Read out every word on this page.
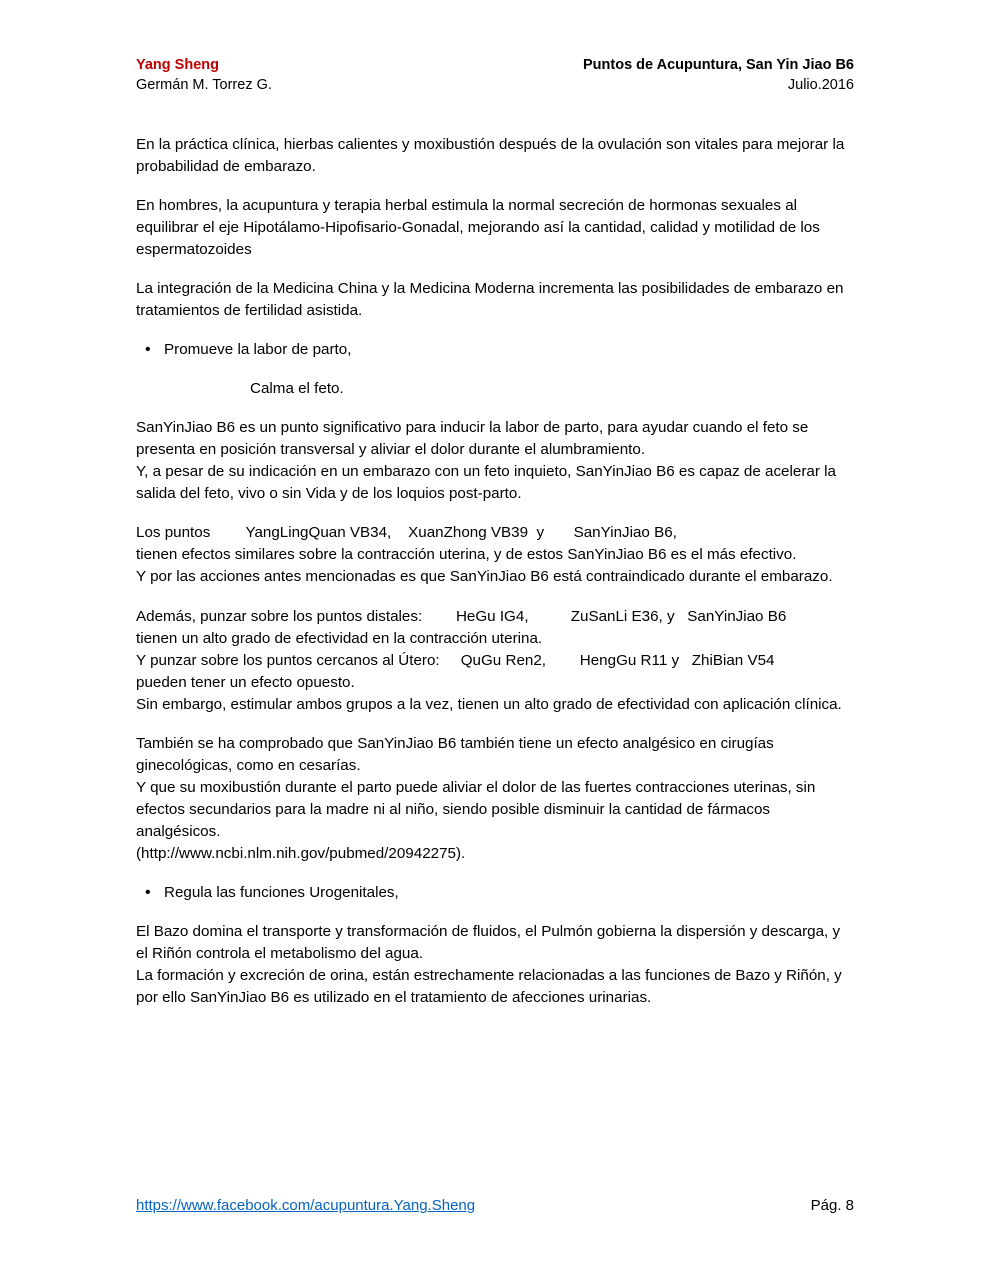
Yang Sheng	Puntos de Acupuntura, San Yin Jiao B6
Germán M. Torrez G.	Julio.2016

En la práctica clínica, hierbas calientes y moxibustión después de la ovulación son vitales para mejorar la probabilidad de embarazo.

En hombres, la acupuntura y terapia herbal estimula la normal secreción de hormonas sexuales al equilibrar el eje Hipotálamo-Hipofisario-Gonadal, mejorando así la cantidad, calidad y motilidad de los espermatozoides

La integración de la Medicina China y la Medicina Moderna incrementa las posibilidades de embarazo en tratamientos de fertilidad asistida.

• Promueve la labor de parto,

Calma el feto.

SanYinJiao B6 es un punto significativo para inducir la labor de parto, para ayudar cuando el feto se presenta en posición transversal y aliviar el dolor durante el alumbramiento.

Y, a pesar de su indicación en un embarazo con un feto inquieto, SanYinJiao B6 es capaz de acelerar la salida del feto, vivo o sin Vida y de los loquios post-parto.

Los puntos	YangLingQuan VB34,    XuanZhong VB39  y       SanYinJiao B6,

tienen efectos similares sobre la contracción uterina, y de estos SanYinJiao B6 es el más efectivo.

Y por las acciones antes mencionadas es que SanYinJiao B6 está contraindicado durante el embarazo.

Además, punzar sobre los puntos distales:        HeGu IG4,          ZuSanLi E36, y   SanYinJiao B6

tienen un alto grado de efectividad en la contracción uterina.

Y punzar sobre los puntos cercanos al Útero:     QuGu Ren2,        HengGu R11 y   ZhiBian V54

pueden tener un efecto opuesto.

Sin embargo, estimular ambos grupos a la vez, tienen un alto grado de efectividad con aplicación clínica.

También se ha comprobado que SanYinJiao B6 también tiene un efecto analgésico en cirugías ginecológicas, como en cesarías.

Y que su moxibustión durante el parto puede aliviar el dolor de las fuertes contracciones uterinas, sin efectos secundarios para la madre ni al niño, siendo posible disminuir la cantidad de fármacos analgésicos.

(http://www.ncbi.nlm.nih.gov/pubmed/20942275).

• Regula las funciones Urogenitales,

El Bazo domina el transporte y transformación de fluidos, el Pulmón gobierna la dispersión y descarga, y el Riñón controla el metabolismo del agua.

La formación y excreción de orina, están estrechamente relacionadas a las funciones de Bazo y Riñón, y por ello SanYinJiao B6 es utilizado en el tratamiento de afecciones urinarias.

https://www.facebook.com/acupuntura.Yang.Sheng	Pág. 8
